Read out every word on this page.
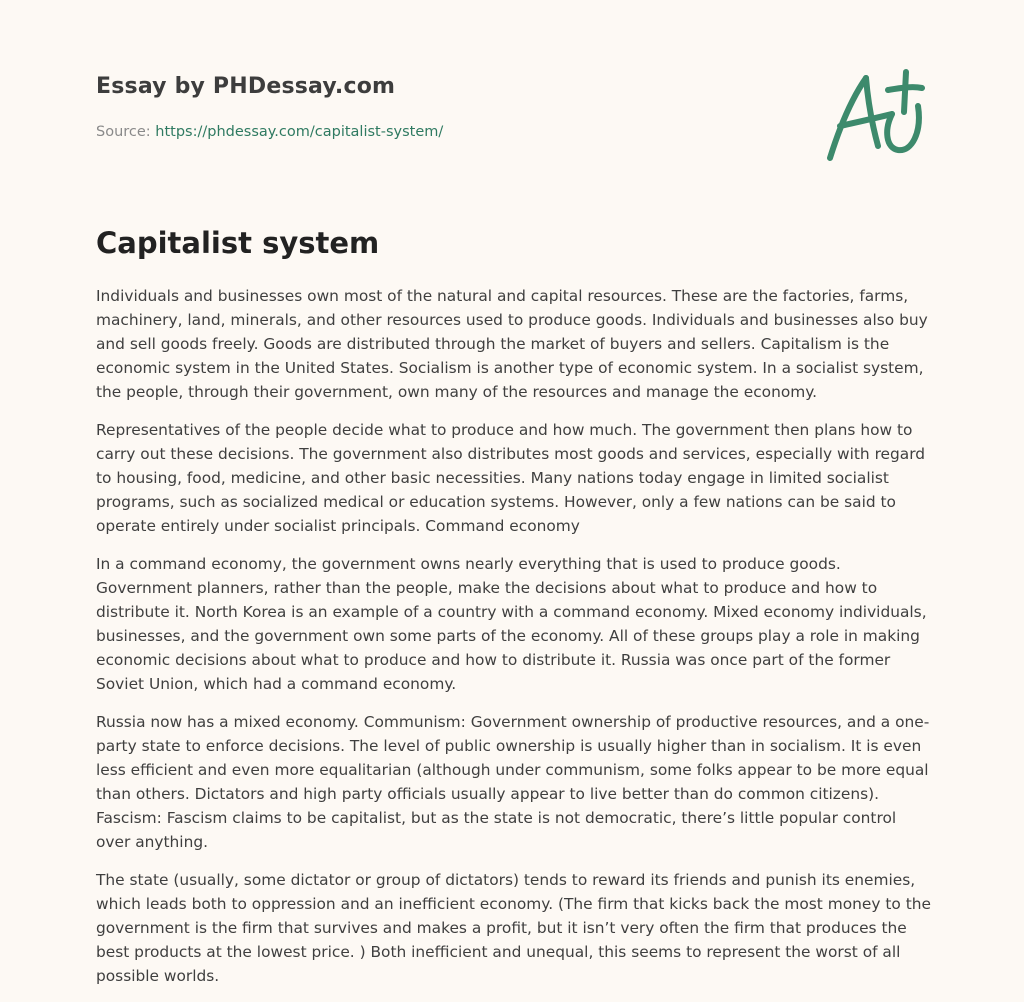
Essay by PHDessay.com
Source: https://phdessay.com/capitalist-system/
Capitalist system

Individuals and businesses own most of the natural and capital resources. These are the factories, farms, machinery, land, minerals, and other resources used to produce goods. Individuals and businesses also buy and sell goods freely. Goods are distributed through the market of buyers and sellers. Capitalism is the economic system in the United States. Socialism is another type of economic system. In a socialist system, the people, through their government, own many of the resources and manage the economy.

Representatives of the people decide what to produce and how much. The government then plans how to carry out these decisions. The government also distributes most goods and services, especially with regard to housing, food, medicine, and other basic necessities. Many nations today engage in limited socialist programs, such as socialized medical or education systems. However, only a few nations can be said to operate entirely under socialist principals. Command economy

In a command economy, the government owns nearly everything that is used to produce goods. Government planners, rather than the people, make the decisions about what to produce and how to distribute it. North Korea is an example of a country with a command economy. Mixed economy individuals, businesses, and the government own some parts of the economy. All of these groups play a role in making economic decisions about what to produce and how to distribute it. Russia was once part of the former Soviet Union, which had a command economy.

Russia now has a mixed economy. Communism: Government ownership of productive resources, and a one-party state to enforce decisions. The level of public ownership is usually higher than in socialism. It is even less efficient and even more equalitarian (although under communism, some folks appear to be more equal than others. Dictators and high party officials usually appear to live better than do common citizens). Fascism: Fascism claims to be capitalist, but as the state is not democratic, there’s little popular control over anything.

The state (usually, some dictator or group of dictators) tends to reward its friends and punish its enemies, which leads both to oppression and an inefficient economy. (The firm that kicks back the most money to the government is the firm that survives and makes a profit, but it isn’t very often the firm that produces the best products at the lowest price. ) Both inefficient and unequal, this seems to represent the worst of all possible worlds.
